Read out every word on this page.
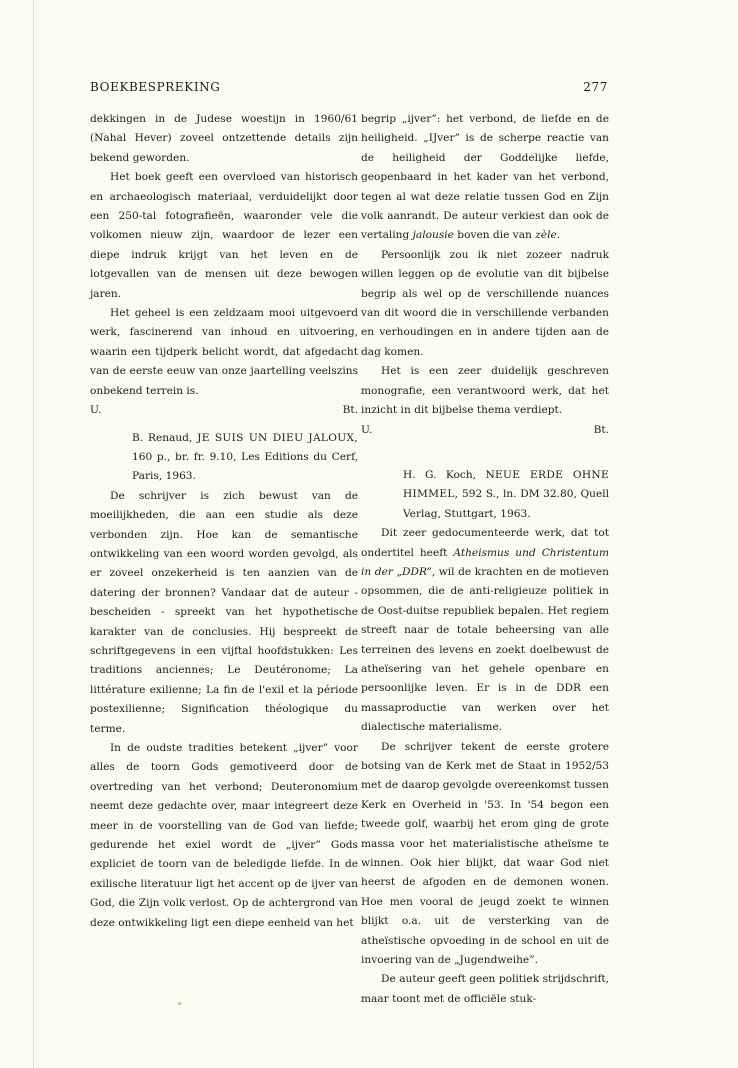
BOEKBESPREKING	277

dekkingen in de Judese woestijn in 1960/61 (Nahal Hever) zoveel ontzettende details zijn bekend geworden.

Het boek geeft een overvloed van historisch en archaeologisch materiaal, verduidelijkt door een 250-tal fotografieën, waaronder vele die volkomen nieuw zijn, waardoor de lezer een diepe indruk krijgt van het leven en de lotgevallen van de mensen uit deze bewogen jaren.

Het geheel is een zeldzaam mooi uitgevoerd werk, fascinerend van inhoud en uitvoering, waarin een tijdperk belicht wordt, dat afgedacht van de eerste eeuw van onze jaartelling veelszins onbekend terrein is.

U.	Bt.

B. Renaud, JE SUIS UN DIEU JALOUX, 160 p., br. fr. 9.10, Les Editions du Cerf, Paris, 1963.

De schrijver is zich bewust van de moeilijkheden, die aan een studie als deze verbonden zijn. Hoe kan de semantische ontwikkeling van een woord worden gevolgd, als er zoveel onzekerheid is ten aanzien van de datering der bronnen? Vandaar dat de auteur - bescheiden - spreekt van het hypothetische karakter van de conclusies. Hij bespreekt de schriftgegevens in een vijftal hoofdstukken: Les traditions anciennes; Le Deutéronome; La littérature exilienne; La fin de l'exil et la période postexilienne; Signification théologique du terme.

In de oudste tradities betekent „ijver” voor alles de toorn Gods gemotiveerd door de overtreding van het verbond; Deuteronomium neemt deze gedachte over, maar integreert deze meer in de voorstelling van de God van liefde; gedurende het exiel wordt de „ijver” Gods expliciet de toorn van de beledigde liefde. In de exilische literatuur ligt het accent op de ijver van God, die Zijn volk verlost. Op de achtergrond van deze ontwikkeling ligt een diepe eenheid van het

begrip „ijver”: het verbond, de liefde en de heiligheid. „IJver” is de scherpe reactie van de heiligheid der Goddelijke liefde, geopenbaard in het kader van het verbond, tegen al wat deze relatie tussen God en Zijn volk aanrandt. De auteur verkiest dan ook de vertaling jalousie boven die van zèle.

Persoonlijk zou ik niet zozeer nadruk willen leggen op de evolutie van dit bijbelse begrip als wel op de verschillende nuances van dit woord die in verschillende verbanden en verhoudingen en in andere tijden aan de dag komen.

Het is een zeer duidelijk geschreven monografie, een verantwoord werk, dat het inzicht in dit bijbelse thema verdiept.

U.	Bt.

H. G. Koch, NEUE ERDE OHNE HIMMEL, 592 S., ln. DM 32.80, Quell Verlag, Stuttgart, 1963.

Dit zeer gedocumenteerde werk, dat tot ondertitel heeft Atheismus und Christentum in der „DDR”, wil de krachten en de motieven opsommen, die de anti-religieuze politiek in de Oost-duitse republiek bepalen. Het regiem streeft naar de totale beheersing van alle terreinen des levens en zoekt doelbewust de atheïsering van het gehele openbare en persoonlijke leven. Er is in de DDR een massaproductie van werken over het dialectische materialisme.

De schrijver tekent de eerste grotere botsing van de Kerk met de Staat in 1952/53 met de daarop gevolgde overeenkomst tussen Kerk en Overheid in '53. In '54 begon een tweede golf, waarbij het erom ging de grote massa voor het materialistische atheïsme te winnen. Ook hier blijkt, dat waar God niet heerst de afgoden en de demonen wonen. Hoe men vooral de jeugd zoekt te winnen blijkt o.a. uit de versterking van de atheïstische opvoeding in de school en uit de invoering van de „Jugendweihe”.

De auteur geeft geen politiek strijdschrift, maar toont met de officiële stuk-
